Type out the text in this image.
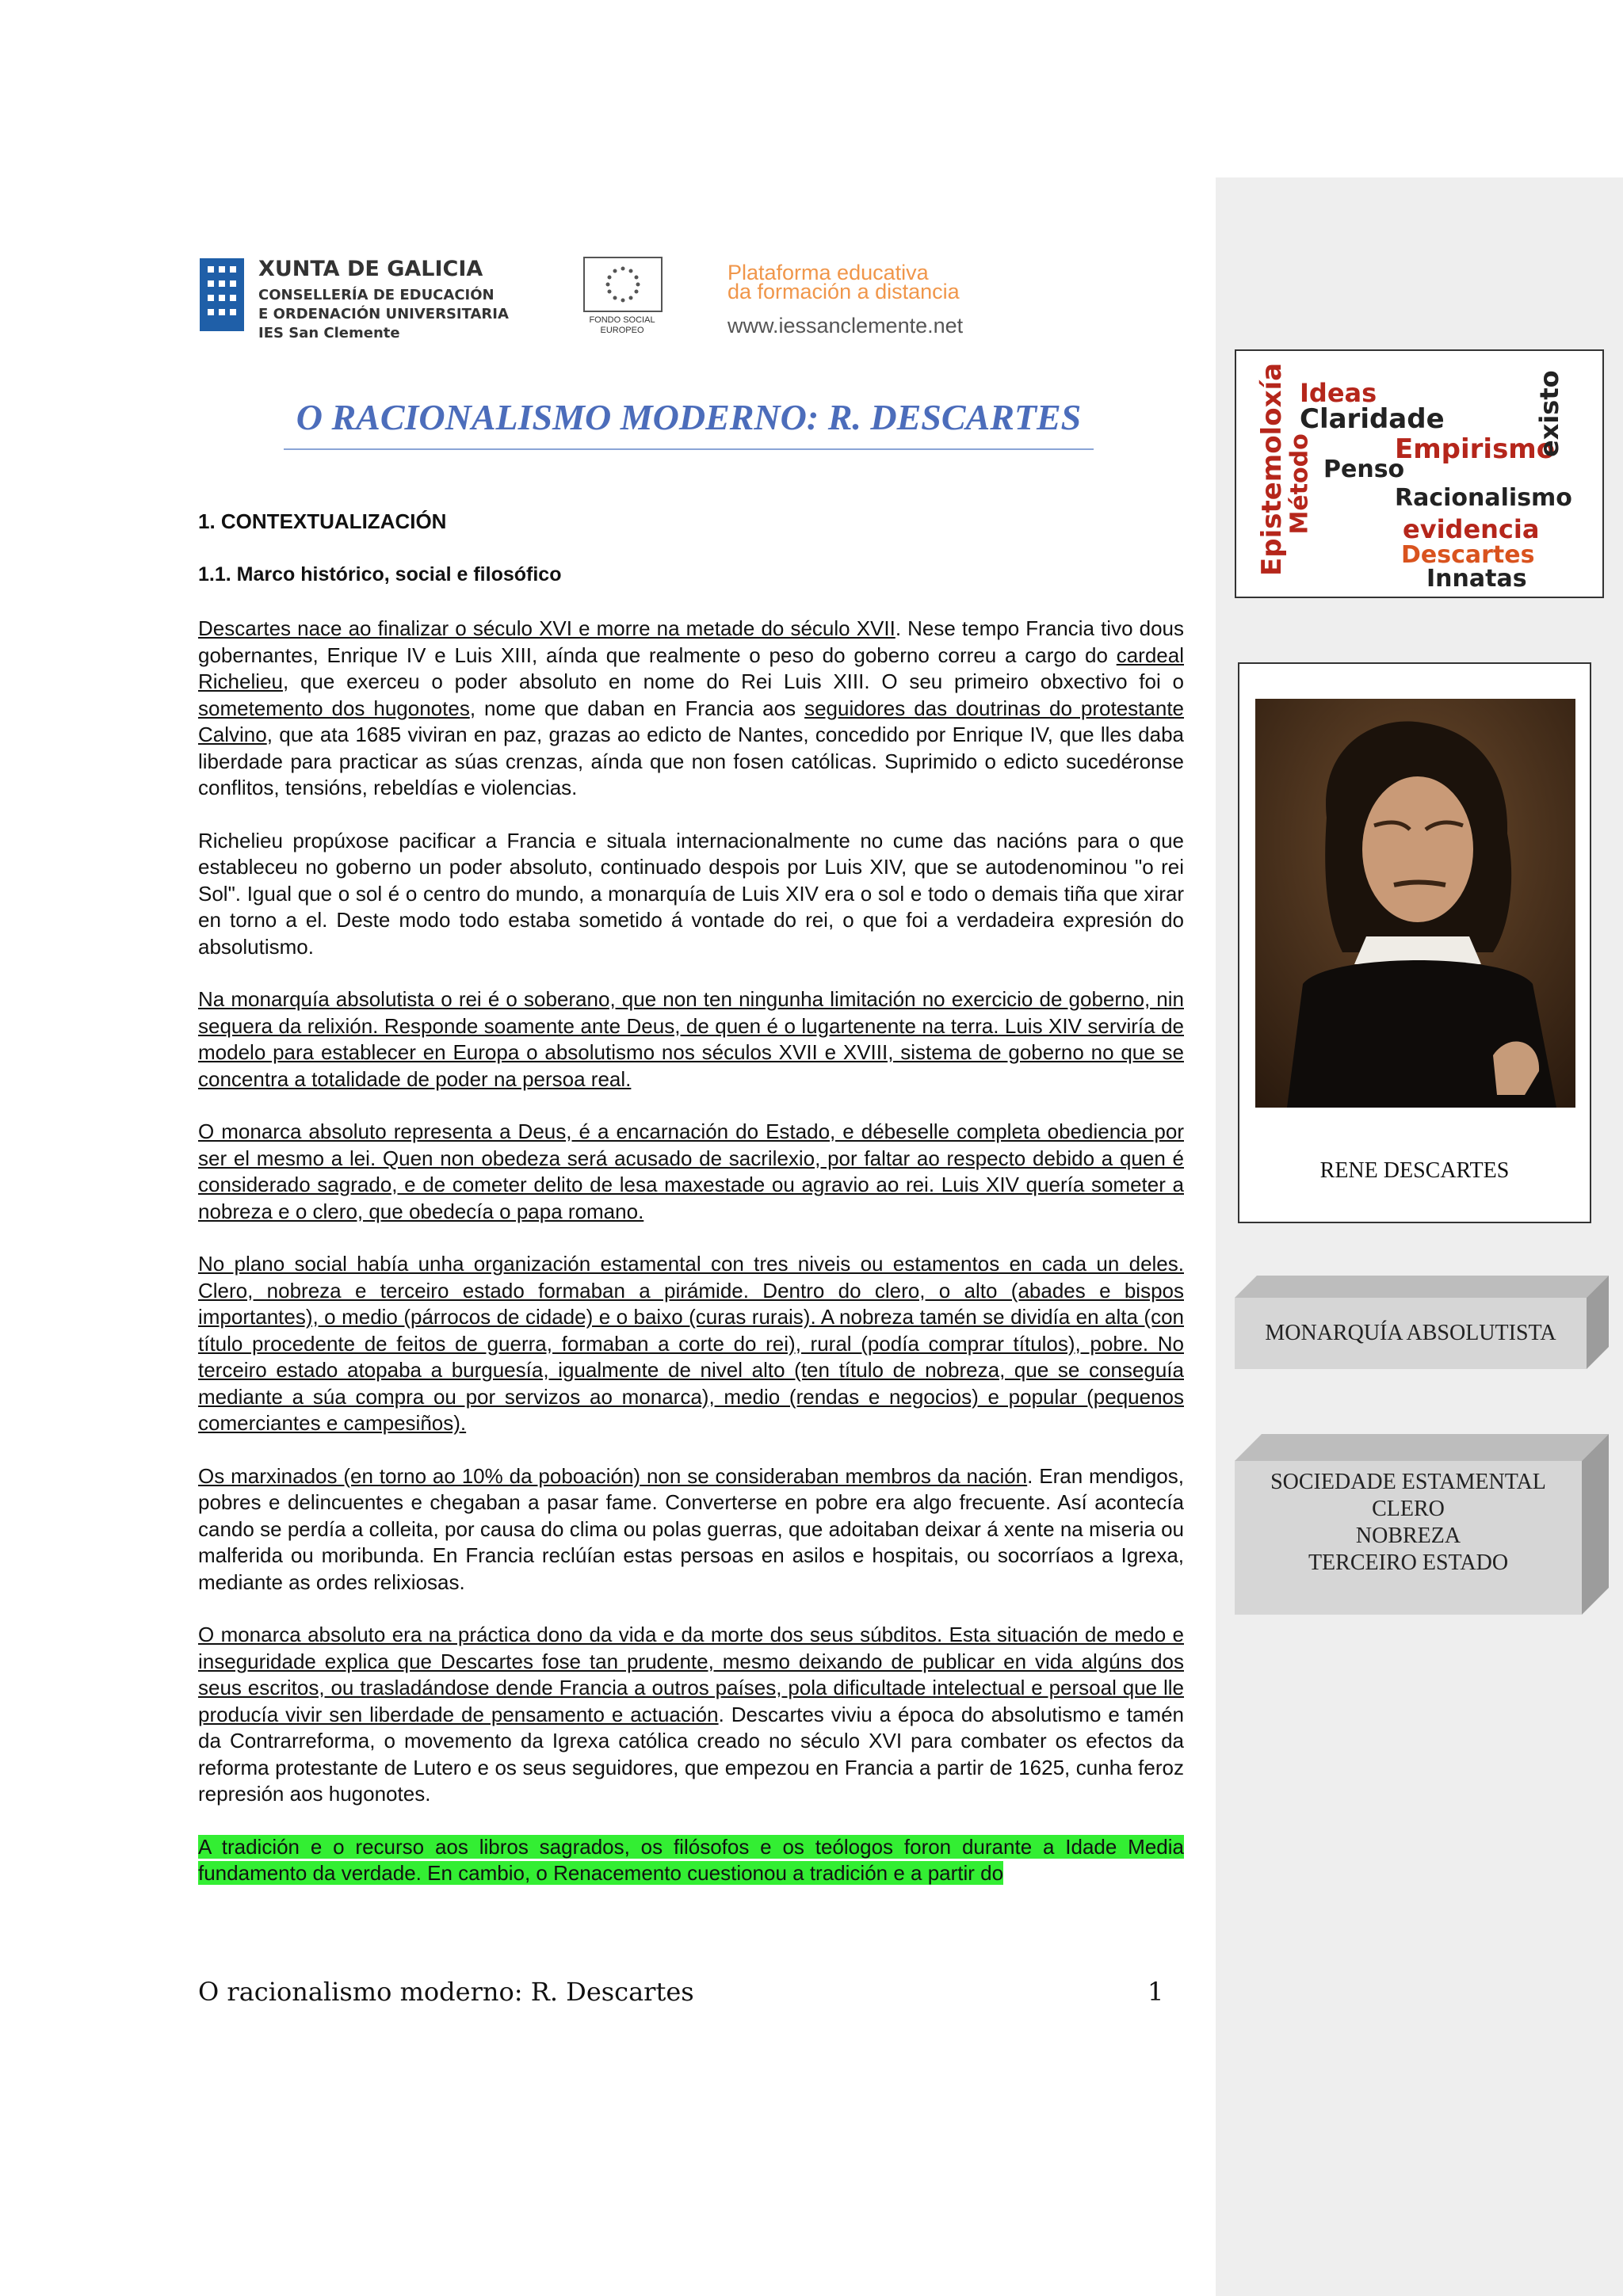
XUNTA DE GALICIA
CONSELLERÍA DE EDUCACIÓN
E ORDENACIÓN UNIVERSITARIA
IES San Clemente
FONDO SOCIAL
EUROPEO
Plataforma educativa
da formación a distancia
www.iessanclemente.net
O RACIONALISMO MODERNO: R. DESCARTES
1. CONTEXTUALIZACIÓN
1.1. Marco histórico, social e filosófico

Descartes nace ao finalizar o século XVI e morre na metade do século XVII. Nese tempo Francia tivo dous gobernantes, Enrique IV e Luis XIII, aínda que realmente o peso do goberno correu a cargo do cardeal Richelieu, que exerceu o poder absoluto en nome do Rei Luis XIII. O seu primeiro obxectivo foi o sometemento dos hugonotes, nome que daban en Francia aos seguidores das doutrinas do protestante Calvino, que ata 1685 viviran en paz, grazas ao edicto de Nantes, concedido por Enrique IV, que lles daba liberdade para practicar as súas crenzas, aínda que non fosen católicas. Suprimido o edicto sucedéronse conflitos, tensións, rebeldías e violencias.

Richelieu propúxose pacificar a Francia e situala internacionalmente no cume das nacións para o que estableceu no goberno un poder absoluto, continuado despois por Luis XIV, que se autodenominou "o rei Sol". Igual que o sol é o centro do mundo, a monarquía de Luis XIV era o sol e todo o demais tiña que xirar en torno a el. Deste modo todo estaba sometido á vontade do rei, o que foi a verdadeira expresión do absolutismo.

Na monarquía absolutista o rei é o soberano, que non ten ningunha limitación no exercicio de goberno, nin sequera da relixión. Responde soamente ante Deus, de quen é o lugartenente na terra. Luis XIV serviría de modelo para establecer en Europa o absolutismo nos séculos XVII e XVIII, sistema de goberno no que se concentra a totalidade de poder na persoa real.

O monarca absoluto representa a Deus, é a encarnación do Estado, e débeselle completa obediencia por ser el mesmo a lei. Quen non obedeza será acusado de sacrilexio, por faltar ao respecto debido a quen é considerado sagrado, e de cometer delito de lesa maxestade ou agravio ao rei. Luis XIV quería someter a nobreza e o clero, que obedecía o papa romano.

No plano social había unha organización estamental con tres niveis ou estamentos en cada un deles. Clero, nobreza e terceiro estado formaban a pirámide. Dentro do clero, o alto (abades e bispos importantes), o medio (párrocos de cidade) e o baixo (curas rurais). A nobreza tamén se dividía en alta (con título procedente de feitos de guerra, formaban a corte do rei), rural (podía comprar títulos), pobre. No terceiro estado atopaba a burguesía, igualmente de nivel alto (ten título de nobreza, que se conseguía mediante a súa compra ou por servizos ao monarca), medio (rendas e negocios) e popular (pequenos comerciantes e campesiños).

Os marxinados (en torno ao 10% da poboación) non se consideraban membros da nación. Eran mendigos, pobres e delincuentes e chegaban a pasar fame. Converterse en pobre era algo frecuente. Así acontecía cando se perdía a colleita, por causa do clima ou polas guerras, que adoitaban deixar á xente na miseria ou malferida ou moribunda. En Francia reclúían estas persoas en asilos e hospitais, ou socorríaos a Igrexa, mediante as ordes relixiosas.

O monarca absoluto era na práctica dono da vida e da morte dos seus súbditos. Esta situación de medo e inseguridade explica que Descartes fose tan prudente, mesmo deixando de publicar en vida algúns dos seus escritos, ou trasladándose dende Francia a outros países, pola dificultade intelectual e persoal que lle producía vivir sen liberdade de pensamento e actuación. Descartes viviu a época do absolutismo e tamén da Contrarreforma, o movemento da Igrexa católica creado no século XVI para combater os efectos da reforma protestante de Lutero e os seus seguidores, que empezou en Francia a partir de 1625, cunha feroz represión aos hugonotes.

A tradición e o recurso aos libros sagrados, os filósofos e os teólogos foron durante a Idade Media fundamento da verdade. En cambio, o Renacemento cuestionou a tradición e a partir do

O racionalismo moderno: R. Descartes	1
Epistemoloxía Ideas
Claridade
Método Penso
Empirismo
existo
Racionalismo
evidencia
Descartes
Innatas
RENE DESCARTES
MONARQUÍA ABSOLUTISTA
SOCIEDADE ESTAMENTAL
CLERO
NOBREZA
TERCEIRO ESTADO
